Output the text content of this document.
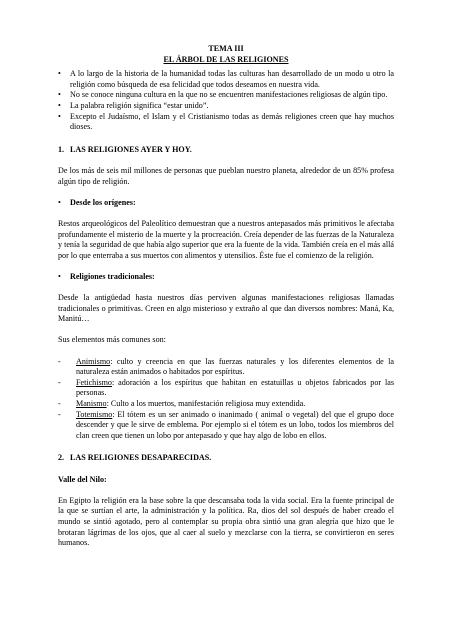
TEMA III
EL ÁRBOL DE LAS RELIGIONES
• A lo largo de la historia de la humanidad todas las culturas han desarrollado de un modo u otro la religión como búsqueda de esa felicidad que todos deseamos en nuestra vida.
• No se conoce ninguna cultura en la que no se encuentren manifestaciones religiosas de algún tipo.
• La palabra religión significa “estar unido”.
• Excepto el Judaísmo, el Islam y el Cristianismo todas as demás religiones creen que hay muchos dioses.
1. LAS RELIGIONES AYER Y HOY.

De los más de seis mil millones de personas que pueblan nuestro planeta, alrededor de un 85% profesa algún tipo de religión.

• Desde los orígenes:

Restos arqueológicos del Paleolítico demuestran que a nuestros antepasados más primitivos le afectaba profundamente el misterio de la muerte y la procreación. Creía depender de las fuerzas de la Naturaleza y tenía la seguridad de que había algo superior que era la fuente de la vida. También creía en el más allá por lo que enterraba a sus muertos con alimentos y utensilios. Éste fue el comienzo de la religión.

• Religiones tradicionales:

Desde la antigüedad hasta nuestros días perviven algunas manifestaciones religiosas llamadas tradicionales o primitivas. Creen en algo misterioso y extraño al que dan diversos nombres: Maná, Ka, Manitú…

Sus elementos más comunes son:

- Animismo: culto y creencia en que las fuerzas naturales y los diferentes elementos de la naturaleza están animados o habitados por espíritus.
- Fetichismo: adoración a los espíritus que habitan en estatuillas u objetos fabricados por las personas.
- Manismo: Culto a los muertos, manifestación religiosa muy extendida.
- Totemismo: El tótem es un ser animado o inanimado ( animal o vegetal) del que el grupo doce descender y que le sirve de emblema. Por ejemplo si el tótem es un lobo, todos los miembros del clan creen que tienen un lobo por antepasado y que hay algo de lobo en ellos.
2. LAS RELIGIONES DESAPARECIDAS.
Valle del Nilo:

En Egipto la religión era la base sobre la que descansaba toda la vida social. Era la fuente principal de la que se surtían el arte, la administración y la política. Ra, dios del sol después de haber creado el mundo se sintió agotado, pero al contemplar su propia obra sintió una gran alegría que hizo que le brotaran lágrimas de los ojos, que al caer al suelo y mezclarse con la tierra, se convirtieron en seres humanos.
